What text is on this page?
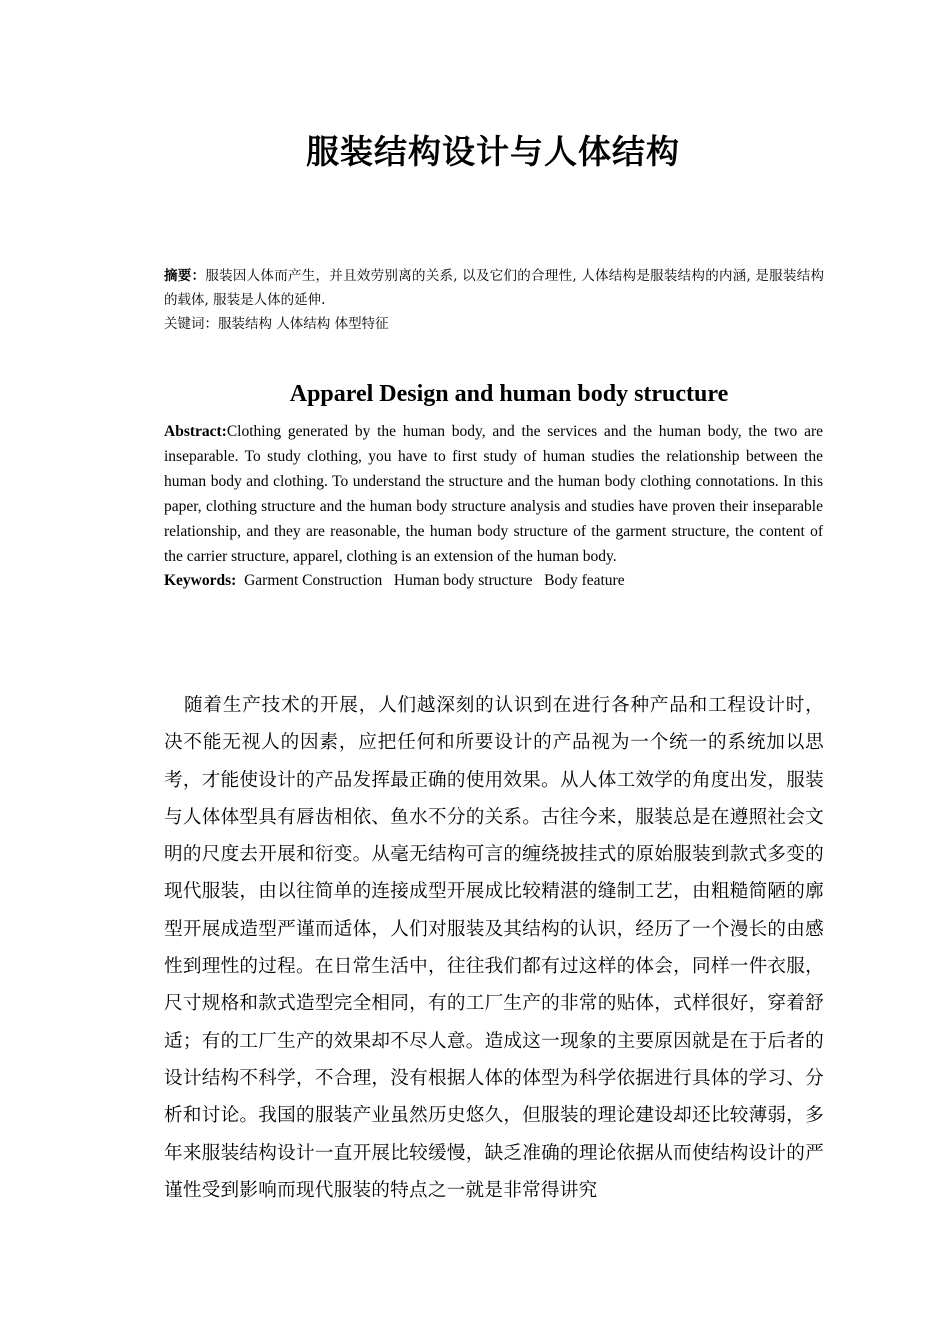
服装结构设计与人体结构
摘要：服装因人体而产生，并且效劳别离的关系, 以及它们的合理性, 人体结构是服装结构的内涵, 是服装结构的载体, 服装是人体的延伸.
关键词：服装结构 人体结构 体型特征
Apparel Design and human body structure
Abstract:Clothing generated by the human body, and the services and the human body, the two are inseparable. To study clothing, you have to first study of human studies the relationship between the human body and clothing. To understand the structure and the human body clothing connotations. In this paper, clothing structure and the human body structure analysis and studies have proven their inseparable relationship, and they are reasonable, the human body structure of the garment structure, the content of the carrier structure, apparel, clothing is an extension of the human body.
Keywords:  Garment Construction   Human body structure   Body feature

随着生产技术的开展，人们越深刻的认识到在进行各种产品和工程设计时，决不能无视人的因素，应把任何和所要设计的产品视为一个统一的系统加以思考，才能使设计的产品发挥最正确的使用效果。从人体工效学的角度出发，服装与人体体型具有唇齿相依、鱼水不分的关系。古往今来，服装总是在遵照社会文明的尺度去开展和衍变。从毫无结构可言的缠绕披挂式的原始服装到款式多变的现代服装，由以往简单的连接成型开展成比较精湛的缝制工艺，由粗糙简陋的廓型开展成造型严谨而适体，人们对服装及其结构的认识，经历了一个漫长的由感性到理性的过程。在日常生活中，往往我们都有过这样的体会，同样一件衣服，尺寸规格和款式造型完全相同，有的工厂生产的非常的贴体，式样很好，穿着舒适；有的工厂生产的效果却不尽人意。造成这一现象的主要原因就是在于后者的设计结构不科学，不合理，没有根据人体的体型为科学依据进行具体的学习、分析和讨论。我国的服装产业虽然历史悠久，但服装的理论建设却还比较薄弱，多年来服装结构设计一直开展比较缓慢，缺乏准确的理论依据从而使结构设计的严谨性受到影响而现代服装的特点之一就是非常得讲究
